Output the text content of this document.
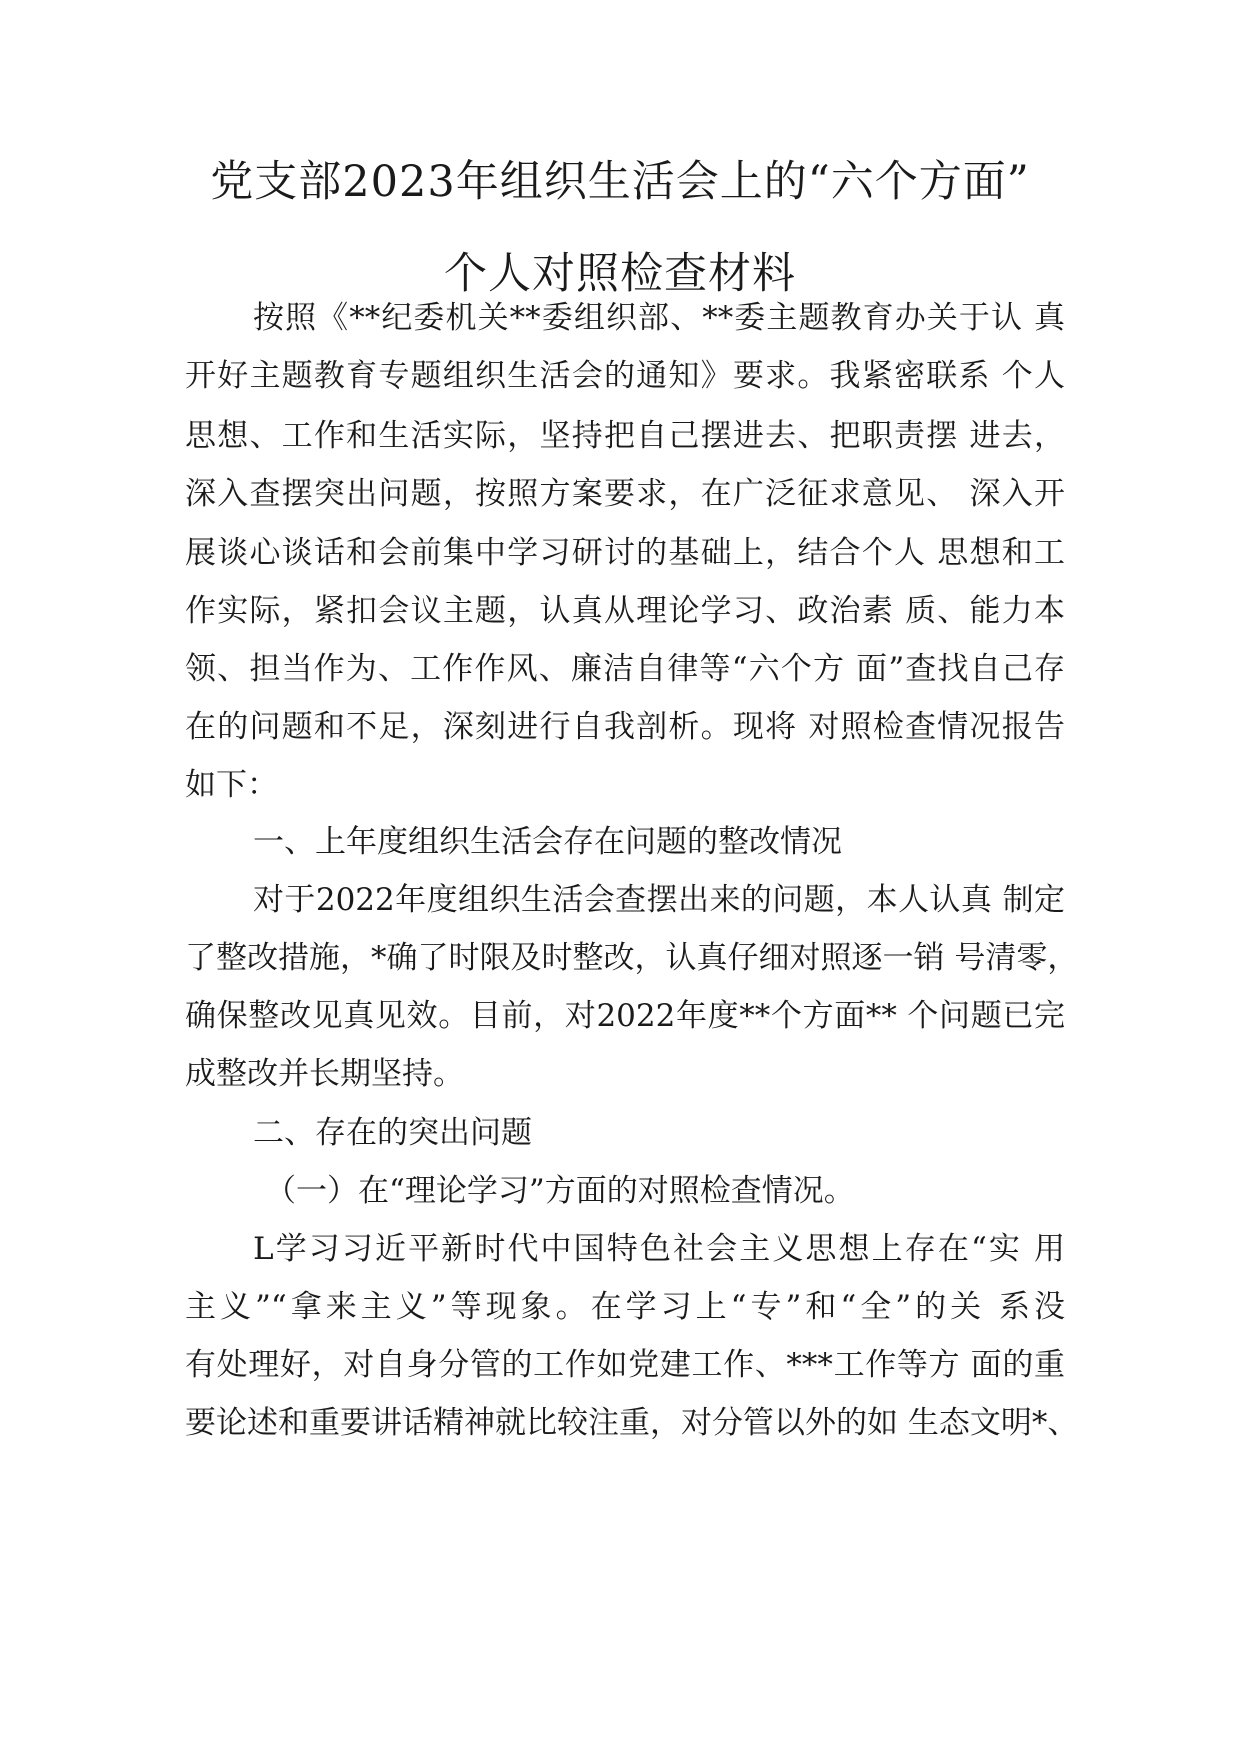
党支部2023年组织生活会上的“六个方面”
个人对照检查材料
按照《**纪委机关**委组织部、**委主题教育办关于认 真
开好主题教育专题组织生活会的通知》要求。我紧密联系 个人
思想、工作和生活实际，坚持把自己摆进去、把职责摆 进去，
深入查摆突出问题，按照方案要求，在广泛征求意见、 深入开
展谈心谈话和会前集中学习研讨的基础上，结合个人 思想和工
作实际，紧扣会议主题，认真从理论学习、政治素 质、能力本
领、担当作为、工作作风、廉洁自律等“六个方 面”查找自己存
在的问题和不足，深刻进行自我剖析。现将 对照检查情况报告
如下：
一、上年度组织生活会存在问题的整改情况
对于2022年度组织生活会查摆出来的问题，本人认真 制定
了整改措施，*确了时限及时整改，认真仔细对照逐一销 号清零，
确保整改见真见效。目前，对2022年度**个方面** 个问题已完
成整改并长期坚持。
二、存在的突出问题
（一）在“理论学习”方面的对照检查情况。
L学习习近平新时代中国特色社会主义思想上存在“实 用
主义”“拿来主义”等现象。在学习上“专”和“全”的关 系没
有处理好，对自身分管的工作如党建工作、***工作等方 面的重
要论述和重要讲话精神就比较注重，对分管以外的如 生态文明*、
